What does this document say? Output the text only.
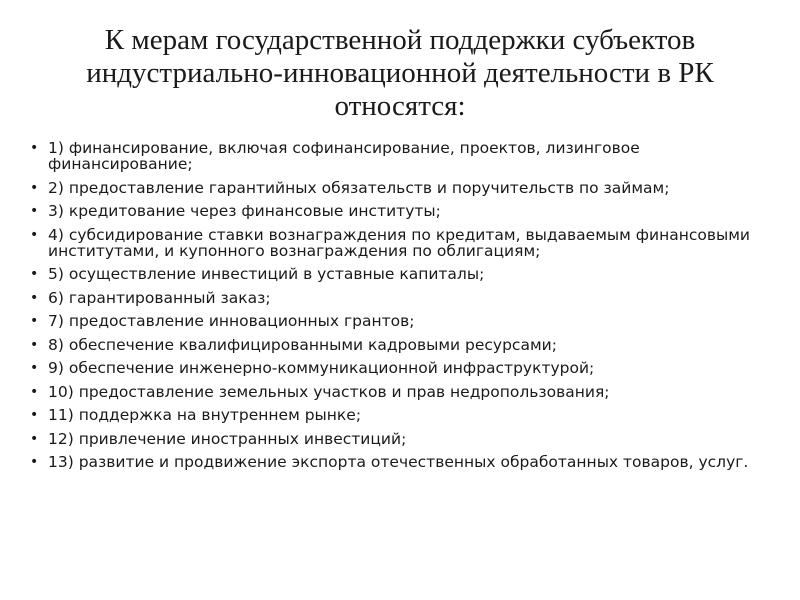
К мерам государственной поддержки субъектов индустриально-инновационной деятельности в РК относятся:
• 1) финансирование, включая софинансирование, проектов, лизинговое финансирование;
• 2) предоставление гарантийных обязательств и поручительств по займам;
• 3) кредитование через финансовые институты;
• 4) субсидирование ставки вознаграждения по кредитам, выдаваемым финансовыми институтами, и купонного вознаграждения по облигациям;
• 5) осуществление инвестиций в уставные капиталы;
• 6) гарантированный заказ;
• 7) предоставление инновационных грантов;
• 8) обеспечение квалифицированными кадровыми ресурсами;
• 9) обеспечение инженерно-коммуникационной инфраструктурой;
• 10) предоставление земельных участков и прав недропользования;
• 11) поддержка на внутреннем рынке;
• 12) привлечение иностранных инвестиций;
• 13) развитие и продвижение экспорта отечественных обработанных товаров, услуг.
